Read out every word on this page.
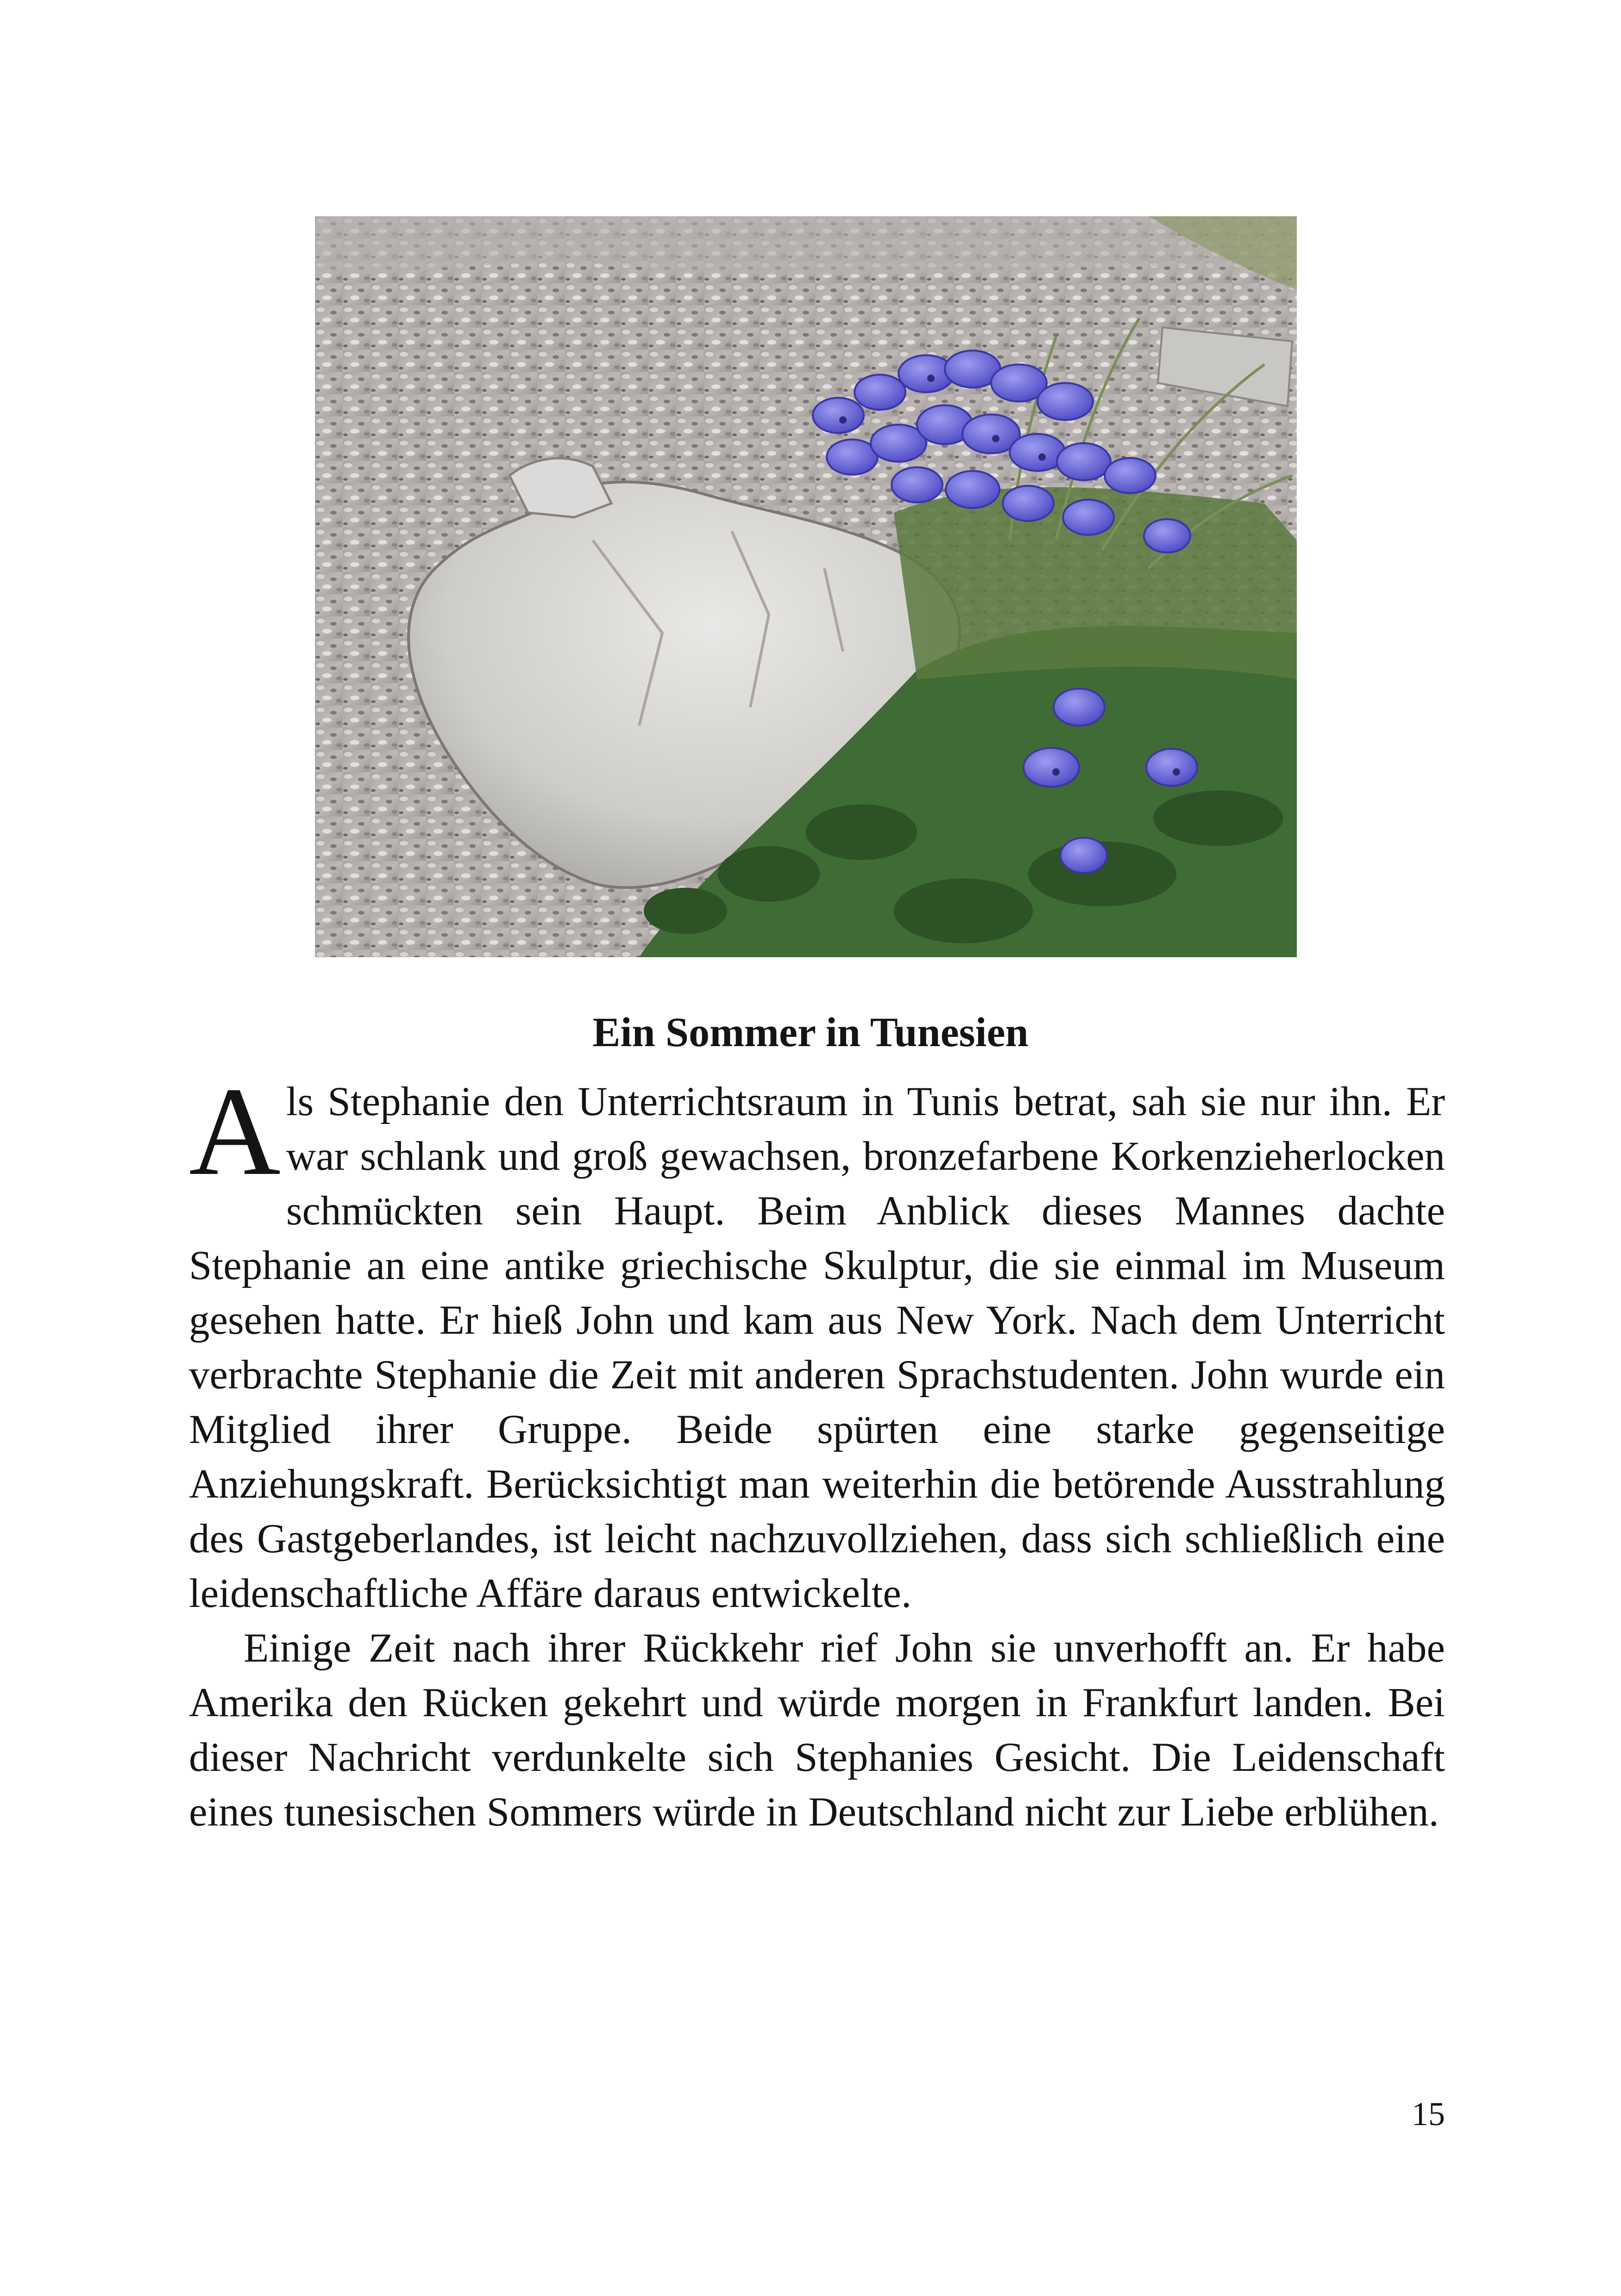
Ein Sommer in Tunesien

Als Stephanie den Unterrichtsraum in Tunis betrat, sah sie nur ihn. Er war schlank und groß gewachsen, bronzefarbene Korkenzieherlocken schmückten sein Haupt. Beim Anblick dieses Mannes dachte Stephanie an eine antike griechische Skulptur, die sie einmal im Museum gesehen hatte. Er hieß John und kam aus New York. Nach dem Unterricht verbrachte Stephanie die Zeit mit anderen Sprachstudenten. John wurde ein Mitglied ihrer Gruppe. Beide spürten eine starke gegenseitige Anziehungskraft. Berücksichtigt man weiterhin die betörende Ausstrahlung des Gastgeberlandes, ist leicht nachzuvollziehen, dass sich schließlich eine leidenschaftliche Affäre daraus entwickelte.

Einige Zeit nach ihrer Rückkehr rief John sie unverhofft an. Er habe Amerika den Rücken gekehrt und würde morgen in Frankfurt landen. Bei dieser Nachricht verdunkelte sich Stephanies Gesicht. Die Leidenschaft eines tunesischen Sommers würde in Deutschland nicht zur Liebe erblühen.

15
